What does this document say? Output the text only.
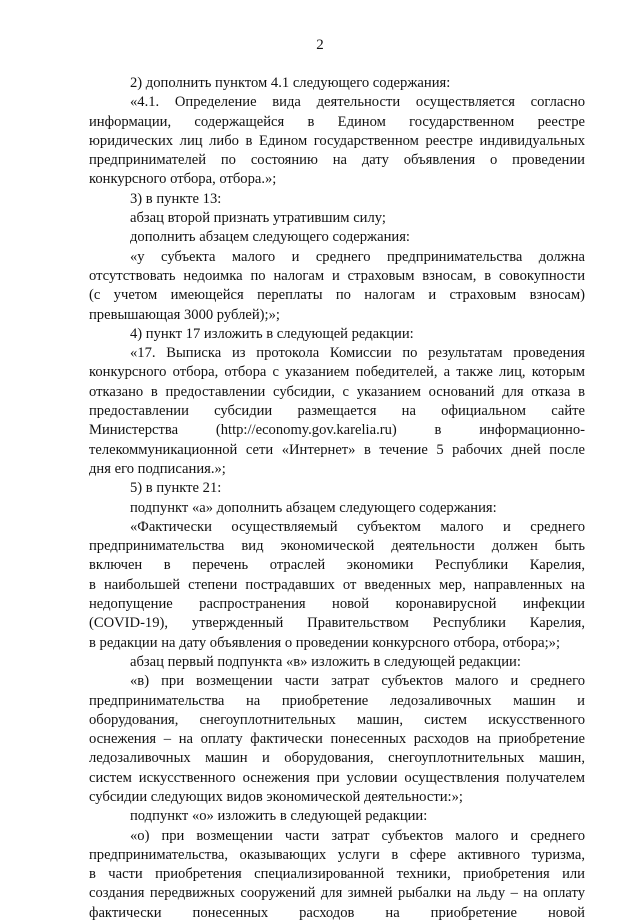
2
2) дополнить пунктом 4.1 следующего содержания:
«4.1. Определение вида деятельности осуществляется согласно
информации, содержащейся в Едином государственном реестре
юридических лиц либо в Едином государственном реестре индивидуальных
предпринимателей по состоянию на дату объявления о проведении
конкурсного отбора, отбора.»;
3) в пункте 13:
абзац второй признать утратившим силу;
дополнить абзацем следующего содержания:
«у субъекта малого и среднего предпринимательства должна
отсутствовать недоимка по налогам и страховым взносам, в совокупности
(с учетом имеющейся переплаты по налогам и страховым взносам)
превышающая 3000 рублей);»;
4) пункт 17 изложить в следующей редакции:
«17. Выписка из протокола Комиссии по результатам проведения
конкурсного отбора, отбора с указанием победителей, а также лиц, которым
отказано в предоставлении субсидии, с указанием оснований для отказа в
предоставлении субсидии размещается на официальном сайте
Министерства (http://economy.gov.karelia.ru) в информационно-
телекоммуникационной сети «Интернет» в течение 5 рабочих дней после
дня его подписания.»;
5) в пункте 21:
подпункт «а» дополнить абзацем следующего содержания:
«Фактически осуществляемый субъектом малого и среднего
предпринимательства вид экономической деятельности должен быть
включен в перечень отраслей экономики Республики Карелия,
в наибольшей степени пострадавших от введенных мер, направленных на
недопущение распространения новой коронавирусной инфекции
(COVID-19), утвержденный Правительством Республики Карелия,
в редакции на дату объявления о проведении конкурсного отбора, отбора;»;
абзац первый подпункта «в» изложить в следующей редакции:
«в) при возмещении части затрат субъектов малого и среднего
предпринимательства на приобретение ледозаливочных машин и
оборудования, снегоуплотнительных машин, систем искусственного
оснежения – на оплату фактически понесенных расходов на приобретение
ледозаливочных машин и оборудования, снегоуплотнительных машин,
систем искусственного оснежения при условии осуществления получателем
субсидии следующих видов экономической деятельности:»;
подпункт «о» изложить в следующей редакции:
«о) при возмещении части затрат субъектов малого и среднего
предпринимательства, оказывающих услуги в сфере активного туризма,
в части приобретения специализированной техники, приобретения или
создания передвижных сооружений для зимней рыбалки на льду – на оплату
фактически понесенных расходов на приобретение новой
